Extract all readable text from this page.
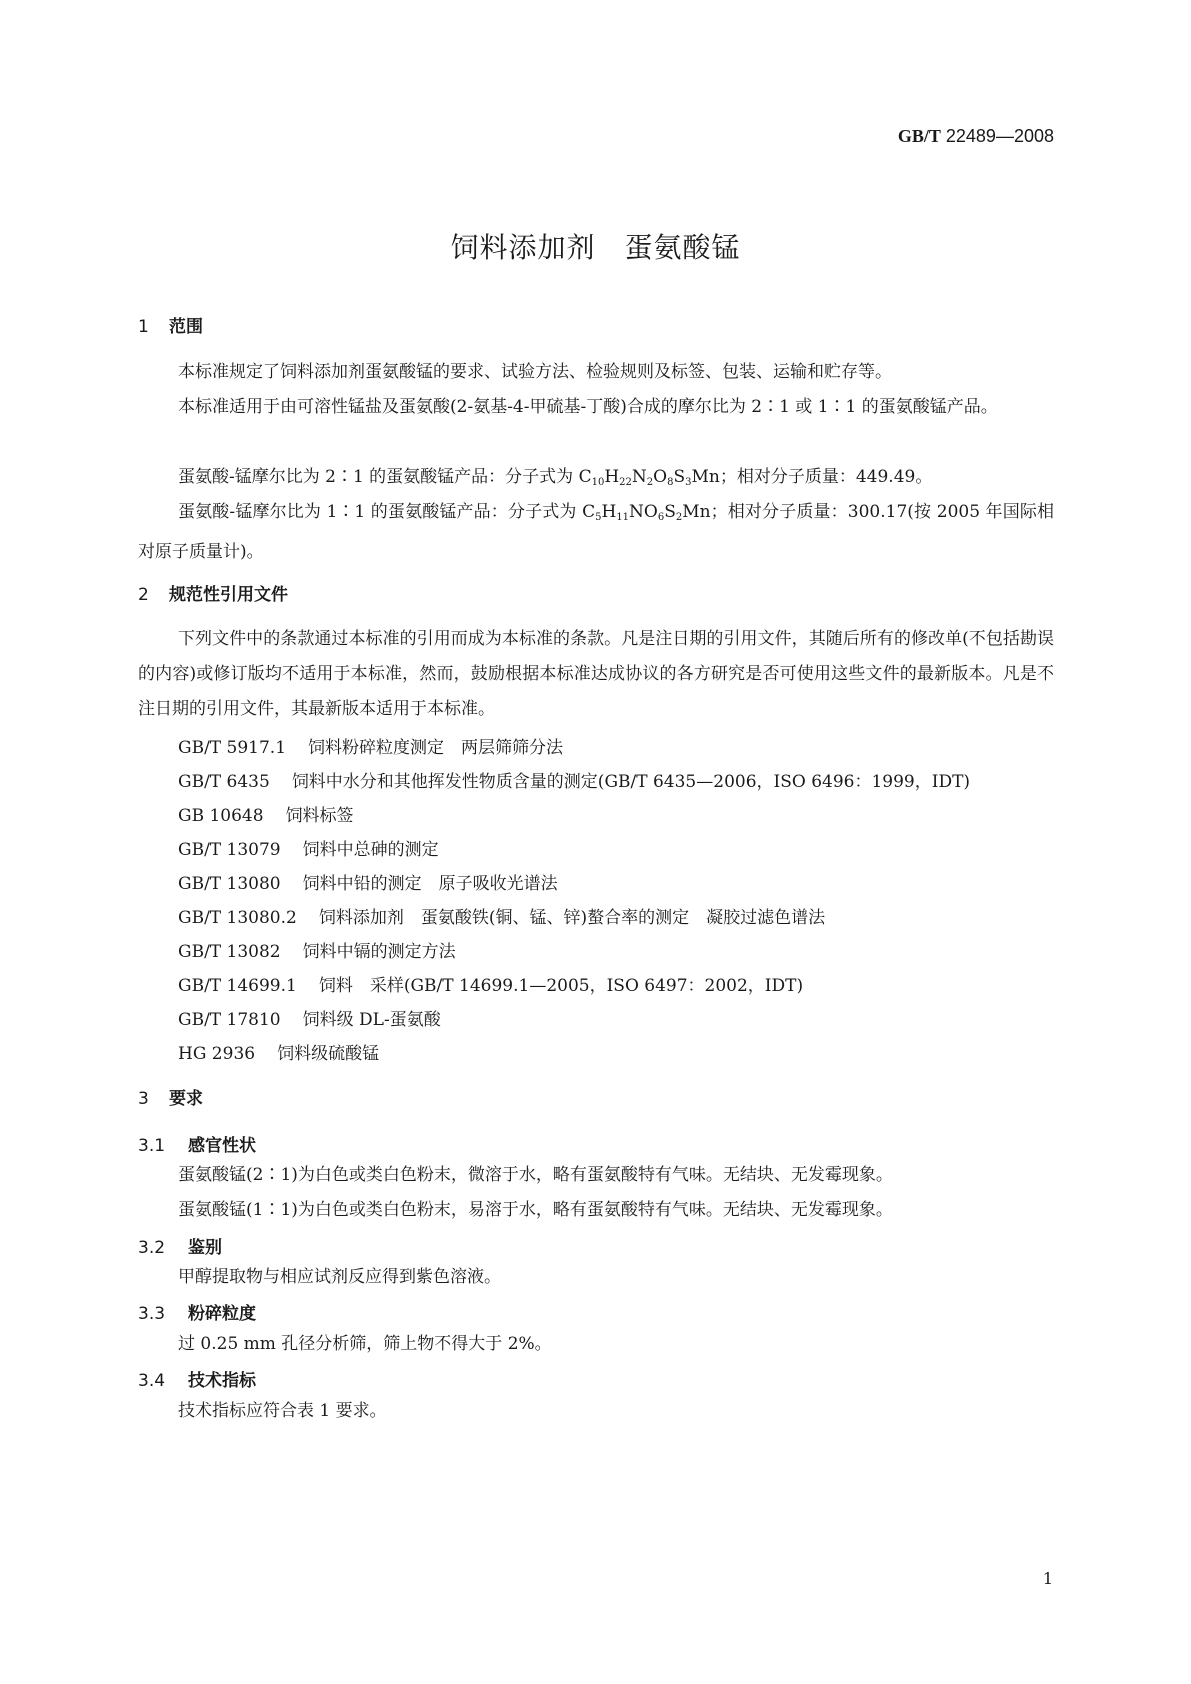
GB/T 22489—2008
饲料添加剂　蛋氨酸锰
1 范围
本标准规定了饲料添加剂蛋氨酸锰的要求、试验方法、检验规则及标签、包装、运输和贮存等。
本标准适用于由可溶性锰盐及蛋氨酸(2-氨基-4-甲硫基-丁酸)合成的摩尔比为 2∶1 或 1∶1 的蛋氨酸锰产品。
蛋氨酸-锰摩尔比为 2∶1 的蛋氨酸锰产品：分子式为 $C_{10}H_{22}N_2O_8S_3Mn$；相对分子质量：449.49。
蛋氨酸-锰摩尔比为 1∶1 的蛋氨酸锰产品：分子式为 $C_5H_{11}NO_6S_2Mn$；相对分子质量：300.17(按 2005 年国际相对原子质量计)。
2 规范性引用文件
下列文件中的条款通过本标准的引用而成为本标准的条款。凡是注日期的引用文件，其随后所有的修改单(不包括勘误的内容)或修订版均不适用于本标准，然而，鼓励根据本标准达成协议的各方研究是否可使用这些文件的最新版本。凡是不注日期的引用文件，其最新版本适用于本标准。
GB/T 5917.1 饲料粉碎粒度测定　两层筛筛分法
GB/T 6435 饲料中水分和其他挥发性物质含量的测定(GB/T 6435—2006，ISO 6496：1999，IDT)
GB 10648 饲料标签
GB/T 13079 饲料中总砷的测定
GB/T 13080 饲料中铅的测定　原子吸收光谱法
GB/T 13080.2 饲料添加剂　蛋氨酸铁(铜、锰、锌)螯合率的测定　凝胶过滤色谱法
GB/T 13082 饲料中镉的测定方法
GB/T 14699.1 饲料　采样(GB/T 14699.1—2005，ISO 6497：2002，IDT)
GB/T 17810 饲料级 DL-蛋氨酸
HG 2936 饲料级硫酸锰
3 要求
3.1 感官性状
蛋氨酸锰(2∶1)为白色或类白色粉末，微溶于水，略有蛋氨酸特有气味。无结块、无发霉现象。
蛋氨酸锰(1∶1)为白色或类白色粉末，易溶于水，略有蛋氨酸特有气味。无结块、无发霉现象。
3.2 鉴别
甲醇提取物与相应试剂反应得到紫色溶液。
3.3 粉碎粒度
过 0.25 mm 孔径分析筛，筛上物不得大于 2%。
3.4 技术指标
技术指标应符合表 1 要求。
1
